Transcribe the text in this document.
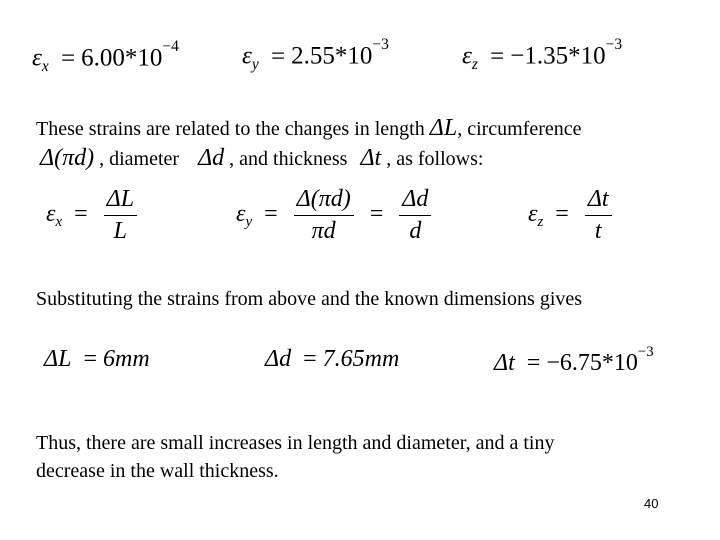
$\varepsilon_x = 6.00*10^{-4}$	$\varepsilon_y = 2.55*10^{-3}$	$\varepsilon_z = -1.35*10^{-3}$
These strains are related to the changes in length ΔL, circumference
Δ(πd) , diameter Δd , and thickness Δt , as follows:
$\varepsilon_x = \frac{\Delta L}{L}$	$\varepsilon_y = \frac{\Delta(\pi d)}{\pi d} = \frac{\Delta d}{d}$	$\varepsilon_z = \frac{\Delta t}{t}$
Substituting the strains from above and the known dimensions gives
ΔL = 6mm	Δd = 7.65mm	$\Delta t = -6.75*10^{-3}$
Thus, there are small increases in length and diameter, and a tiny
decrease in the wall thickness.
40
